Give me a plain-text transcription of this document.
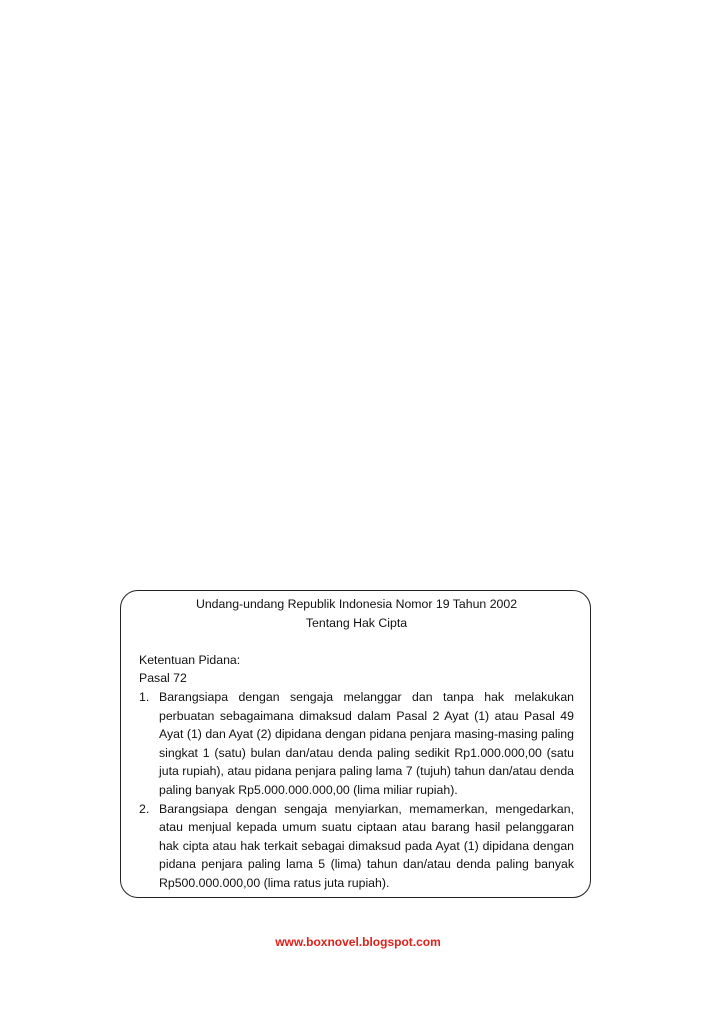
Undang-undang Republik Indonesia Nomor 19 Tahun 2002
Tentang Hak Cipta
Ketentuan Pidana:
Pasal 72
1. Barangsiapa dengan sengaja melanggar dan tanpa hak melakukan perbuatan sebagaimana dimaksud dalam Pasal 2 Ayat (1) atau Pasal 49 Ayat (1) dan Ayat (2) dipidana dengan pidana penjara masing-masing paling singkat 1 (satu) bulan dan/atau denda paling sedikit Rp1.000.000,00 (satu juta rupiah), atau pidana penjara paling lama 7 (tujuh) tahun dan/atau denda paling banyak Rp5.000.000.000,00 (lima miliar rupiah).
2. Barangsiapa dengan sengaja menyiarkan, memamerkan, mengedarkan, atau menjual kepada umum suatu ciptaan atau barang hasil pelanggaran hak cipta atau hak terkait sebagai dimaksud pada Ayat (1) dipidana dengan pidana penjara paling lama 5 (lima) tahun dan/atau denda paling banyak Rp500.000.000,00 (lima ratus juta rupiah).
www.boxnovel.blogspot.com
